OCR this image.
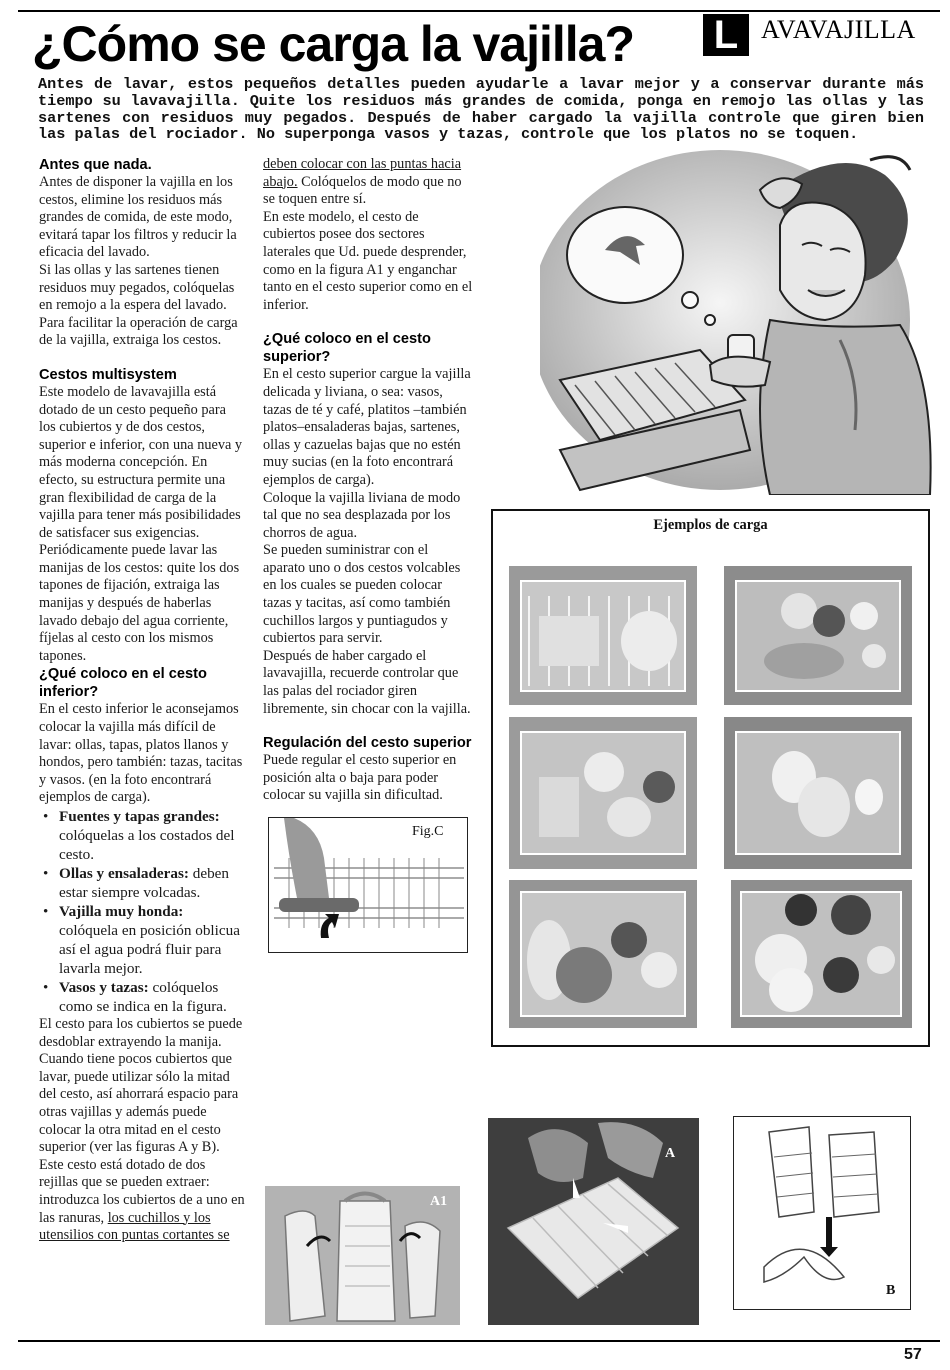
¿Cómo se carga la vajilla? L AVAVAJILLA

Antes de lavar, estos pequeños detalles pueden ayudarle a lavar mejor y a conservar durante más tiempo su lavavajilla. Quite los residuos más grandes de comida, ponga en remojo las ollas y las sartenes con residuos muy pegados. Después de haber cargado la vajilla controle que giren bien las palas del rociador. No superponga vasos y tazas, controle que los platos no se toquen.

Antes que nada.

Antes de disponer la vajilla en los cestos, elimine los residuos más grandes de comida, de este modo, evitará tapar los filtros y reducir la eficacia del lavado.

Si las ollas y las sartenes tienen residuos muy pegados, colóquelas en remojo a la espera del lavado.

Para facilitar la operación de carga de la vajilla, extraiga los cestos.

Cestos multisystem

Este modelo de lavavajilla está dotado de un cesto pequeño para los cubiertos y de dos cestos, superior e inferior, con una nueva y más moderna concepción. En efecto, su estructura permite una gran flexibilidad de carga de la vajilla para tener más posibilidades de satisfacer sus exigencias.

Periódicamente puede lavar las manijas de los cestos: quite los dos tapones de fijación, extraiga las manijas y después de haberlas lavado debajo del agua corriente, fíjelas al cesto con los mismos tapones.

¿Qué coloco en el cesto inferior?

En el cesto inferior le aconsejamos colocar la vajilla más difícil de lavar: ollas, tapas, platos llanos y hondos, pero también: tazas, tacitas y vasos. (en la foto encontrará ejemplos de carga).

• Fuentes y tapas grandes: colóquelas a los costados del cesto.
• Ollas y ensaladeras: deben estar siempre volcadas.
• Vajilla muy honda: colóquela en posición oblicua así el agua podrá fluir para lavarla mejor.
• Vasos y tazas: colóquelos como se indica en la figura.

El cesto para los cubiertos se puede desdoblar extrayendo la manija.

Cuando tiene pocos cubiertos que lavar, puede utilizar sólo la mitad del cesto, así ahorrará espacio para otras vajillas y además puede colocar la otra mitad en el cesto superior (ver las figuras A y B).

Este cesto está dotado de dos rejillas que se pueden extraer: introduzca los cubiertos de a uno en las ranuras, los cuchillos y los utensilios con puntas cortantes se

deben colocar con las puntas hacia abajo. Colóquelos de modo que no se toquen entre sí.

En este modelo, el cesto de cubiertos posee dos sectores laterales que Ud. puede desprender, como en la figura A1 y enganchar tanto en el cesto superior como en el inferior.

¿Qué coloco en el cesto superior?

En el cesto superior cargue la vajilla delicada y liviana, o sea: vasos, tazas de té y café, platitos –también platos–ensaladeras bajas, sartenes, ollas y cazuelas bajas que no estén muy sucias (en la foto encontrará ejemplos de carga).

Coloque la vajilla liviana de modo tal que no sea desplazada por los chorros de agua.

Se pueden suministrar con el aparato uno o dos cestos volcables en los cuales se pueden colocar tazas y tacitas, así como también cuchillos largos y puntiagudos y cubiertos para servir.

Después de haber cargado el lavavajilla, recuerde controlar que las palas del rociador giren libremente, sin chocar con la vajilla.

Regulación del cesto superior

Puede regular el cesto superior en posición alta o baja para poder colocar su vajilla sin dificultad.

Fig.C
Ejemplos de carga
A1
A
B
57
